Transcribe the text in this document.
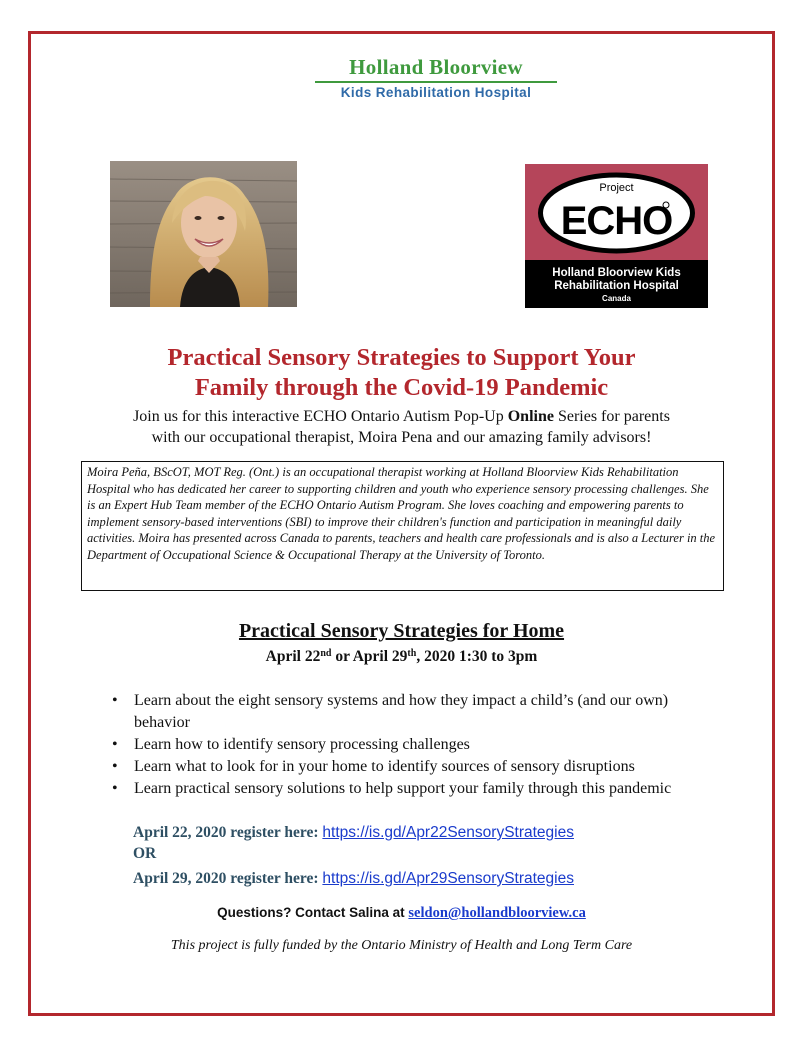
Holland Bloorview
Kids Rehabilitation Hospital
Project
ECHO
Holland Bloorview Kids
Rehabilitation Hospital
Canada
Practical Sensory Strategies to Support Your
Family through the Covid-19 Pandemic
Join us for this interactive ECHO Ontario Autism Pop-Up Online Series for parents
with our occupational therapist, Moira Pena and our amazing family advisors!
Moira Peña, BScOT, MOT Reg. (Ont.) is an occupational therapist working at Holland Bloorview Kids Rehabilitation Hospital who has dedicated her career to supporting children and youth who experience sensory processing challenges. She is an Expert Hub Team member of the ECHO Ontario Autism Program. She loves coaching and empowering parents to implement sensory-based interventions (SBI) to improve their children's function and participation in meaningful daily activities. Moira has presented across Canada to parents, teachers and health care professionals and is also a Lecturer in the Department of Occupational Science & Occupational Therapy at the University of Toronto.
Practical Sensory Strategies for Home
April 22nd or April 29th, 2020 1:30 to 3pm
• Learn about the eight sensory systems and how they impact a child’s (and our own) behavior
• Learn how to identify sensory processing challenges
• Learn what to look for in your home to identify sources of sensory disruptions
• Learn practical sensory solutions to help support your family through this pandemic
April 22, 2020 register here: https://is.gd/Apr22SensoryStrategies
OR
April 29, 2020 register here: https://is.gd/Apr29SensoryStrategies
Questions? Contact Salina at seldon@hollandbloorview.ca
This project is fully funded by the Ontario Ministry of Health and Long Term Care
